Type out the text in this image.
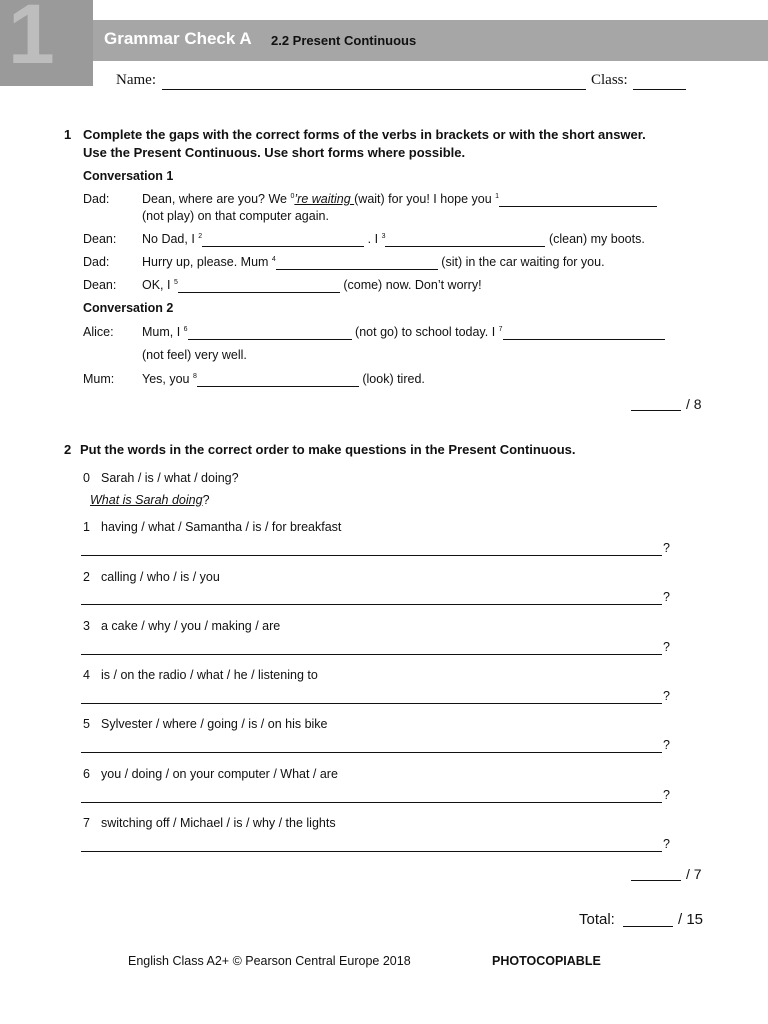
1	Grammar Check A 2.2 Present Continuous
Name:	Class:
1 Complete the gaps with the correct forms of the verbs in brackets or with the short answer.
Use the Present Continuous. Use short forms where possible.
Conversation 1
Dad:	Dean, where are you? We $^0$’re waiting (wait) for you! I hope you $^1$
(not play) on that computer again.
Dean: No Dad, I $^2$	. I $^3$	(clean) my boots.
Dad:	Hurry up, please. Mum $^4$	(sit) in the car waiting for you.
Dean: OK, I $^5$	(come) now. Don’t worry!
Conversation 2
Alice: Mum, I $^6$	(not go) to school today. I $^7$
(not feel) very well.
Mum: Yes, you $^8$	(look) tired.
/ 8
2 Put the words in the correct order to make questions in the Present Continuous.
0 Sarah / is / what / doing?
What is Sarah doing?
1 having / what / Samantha / is / for breakfast
?
2 calling / who / is / you
?
3 a cake / why / you / making / are
?
4 is / on the radio / what / he / listening to
?
5 Sylvester / where / going / is / on his bike
?
6 you / doing / on your computer / What / are
?
7 switching off / Michael / is / why / the lights
?
/ 7
Total:	/ 15
English Class A2+ © Pearson Central Europe 2018	PHOTOCOPIABLE
